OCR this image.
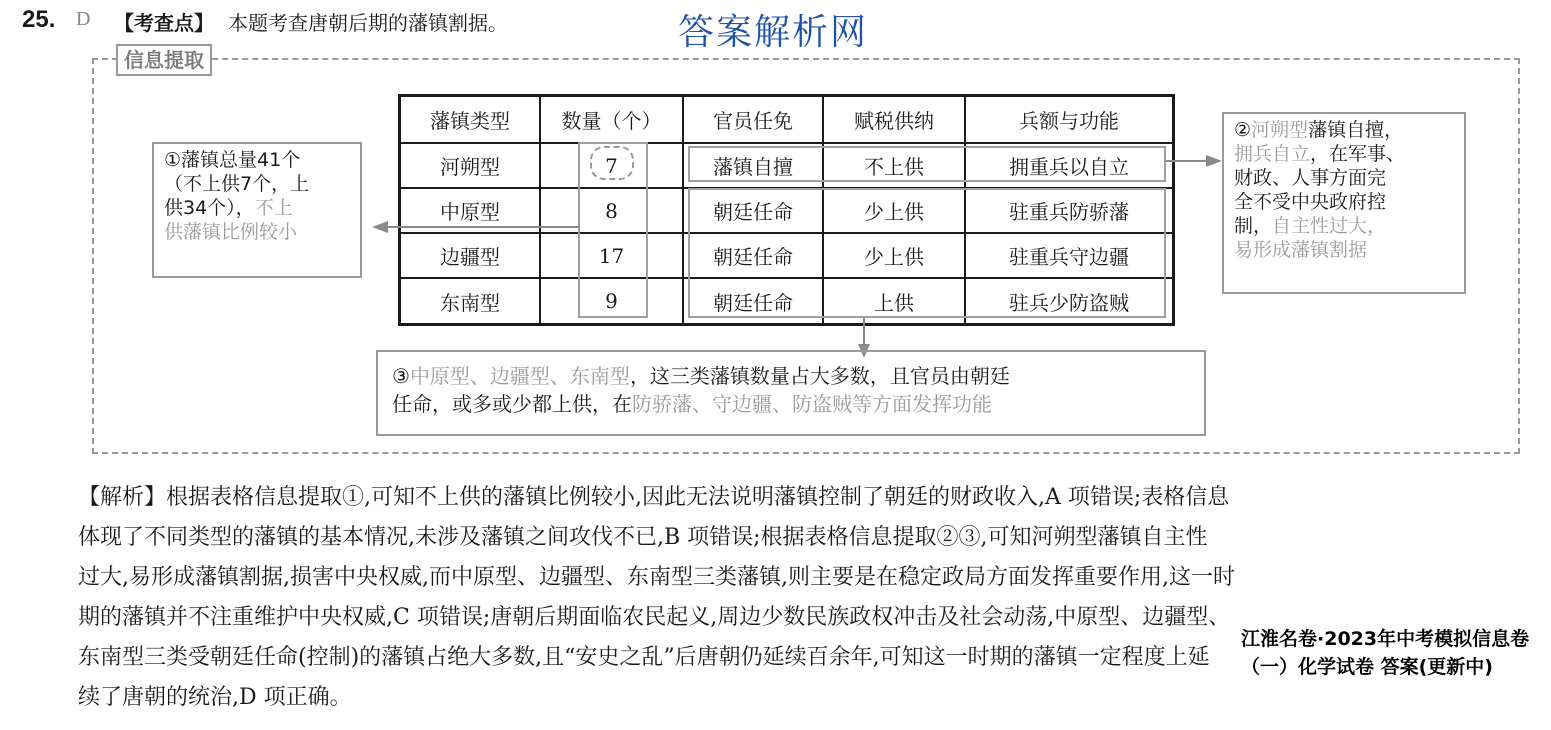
25. D 【考查点】 本题考查唐朝后期的藩镇割据。	答案解析网
信息提取
藩镇类型	数量（个）	官员任免	赋税供纳	兵额与功能
河朔型	7	藩镇自擅	不上供	拥重兵以自立
中原型	8	朝廷任命	少上供	驻重兵防骄藩
边疆型	17	朝廷任命	少上供	驻重兵守边疆
东南型	9	朝廷任命	上供	驻兵少防盗贼
①藩镇总量41个
（不上供7个，上
供34个），不上
供藩镇比例较小
②河朔型藩镇自擅，
拥兵自立，在军事、
财政、人事方面完
全不受中央政府控
制，自主性过大，
易形成藩镇割据
③中原型、边疆型、东南型，这三类藩镇数量占大多数，且官员由朝廷
任命，或多或少都上供，在防骄藩、守边疆、防盗贼等方面发挥功能
【解析】根据表格信息提取①,可知不上供的藩镇比例较小,因此无法说明藩镇控制了朝廷的财政收入,A 项错误;表格信息
体现了不同类型的藩镇的基本情况,未涉及藩镇之间攻伐不已,B 项错误;根据表格信息提取②③,可知河朔型藩镇自主性
过大,易形成藩镇割据,损害中央权威,而中原型、边疆型、东南型三类藩镇,则主要是在稳定政局方面发挥重要作用,这一时
期的藩镇并不注重维护中央权威,C 项错误;唐朝后期面临农民起义,周边少数民族政权冲击及社会动荡,中原型、边疆型、
东南型三类受朝廷任命(控制)的藩镇占绝大多数,且“安史之乱”后唐朝仍延续百余年,可知这一时期的藩镇一定程度上延
续了唐朝的统治,D 项正确。
江淮名卷·2023年中考模拟信息卷（一）化学试卷 答案(更新中)
